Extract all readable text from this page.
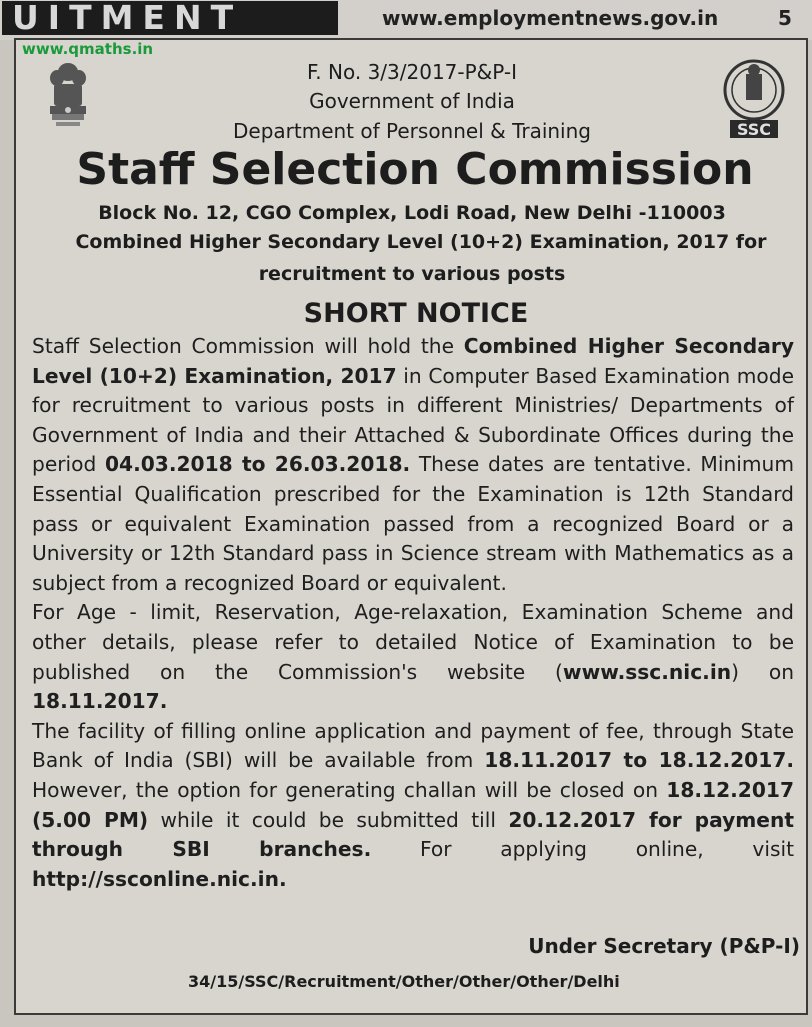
UITMENT	www.employmentnews.gov.in	5
www.qmaths.in
SSC
F. No. 3/3/2017-P&P-I
Government of India
Department of Personnel & Training
Staff Selection Commission
Block No. 12, CGO Complex, Lodi Road, New Delhi -110003
Combined Higher Secondary Level (10+2) Examination, 2017 for
recruitment to various posts
SHORT NOTICE

Staff Selection Commission will hold the Combined Higher Secondary Level (10+2) Examination, 2017 in Computer Based Examination mode for recruitment to various posts in different Ministries/ Departments of Government of India and their Attached & Subordinate Offices during the period 04.03.2018 to 26.03.2018. These dates are tentative. Minimum Essential Qualification prescribed for the Examination is 12th Standard pass or equivalent Examination passed from a recognized Board or a University or 12th Standard pass in Science stream with Mathematics as a subject from a recognized Board or equivalent.

For Age - limit, Reservation, Age-relaxation, Examination Scheme and other details, please refer to detailed Notice of Examination to be published on the Commission's website (www.ssc.nic.in) on 18.11.2017.

The facility of filling online application and payment of fee, through State Bank of India (SBI) will be available from 18.11.2017 to 18.12.2017. However, the option for generating challan will be closed on 18.12.2017 (5.00 PM) while it could be submitted till 20.12.2017 for payment through SBI branches. For applying online, visit http://ssconline.nic.in.

Under Secretary (P&P-I)
34/15/SSC/Recruitment/Other/Other/Other/Delhi
